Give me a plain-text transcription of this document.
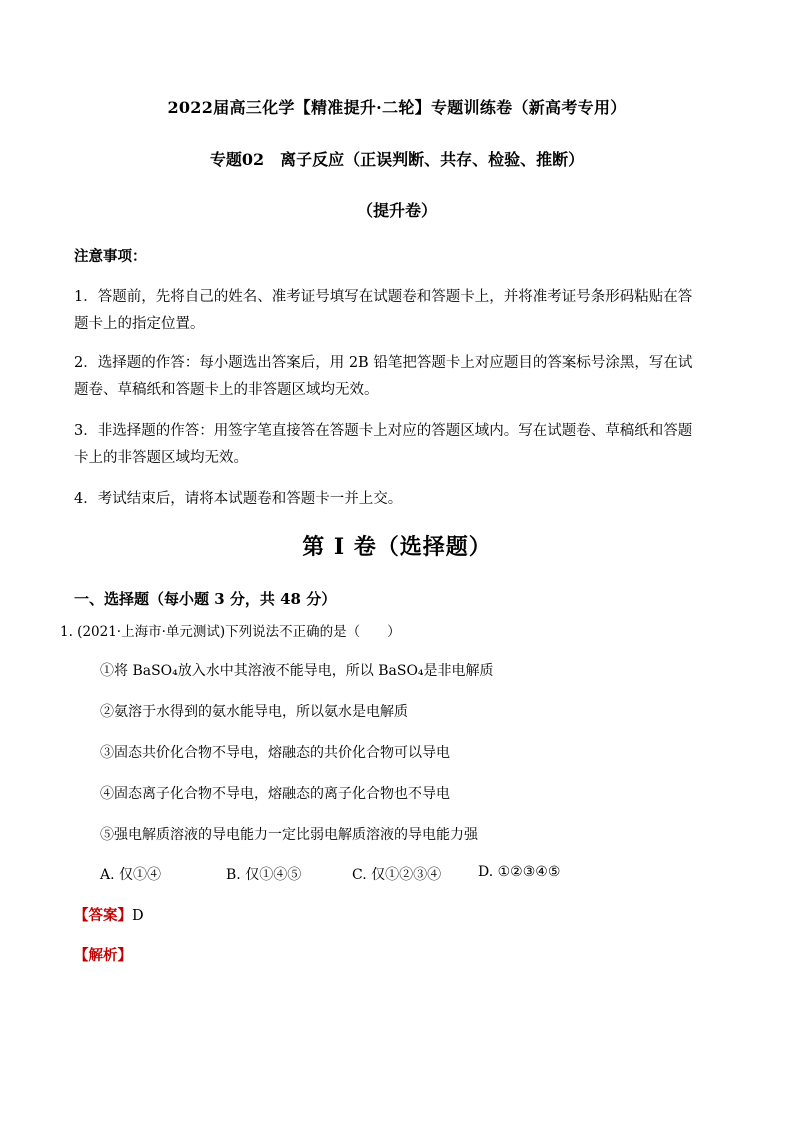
2022届高三化学【精准提升·二轮】专题训练卷（新高考专用）
专题02　离子反应（正误判断、共存、检验、推断）
（提升卷）
注意事项：
1．答题前，先将自己的姓名、准考证号填写在试题卷和答题卡上，并将准考证号条形码粘贴在答
题卡上的指定位置。
2．选择题的作答：每小题选出答案后，用 2B 铅笔把答题卡上对应题目的答案标号涂黑，写在试
题卷、草稿纸和答题卡上的非答题区域均无效。
3．非选择题的作答：用签字笔直接答在答题卡上对应的答题区域内。写在试题卷、草稿纸和答题
卡上的非答题区域均无效。
4．考试结束后，请将本试题卷和答题卡一并上交。
第 I 卷（选择题）
一、选择题（每小题 3 分，共 48 分）
1. (2021·上海市·单元测试)下列说法不正确的是（　　）
①将 BaSO₄放入水中其溶液不能导电，所以 BaSO₄是非电解质
②氨溶于水得到的氨水能导电，所以氨水是电解质
③固态共价化合物不导电，熔融态的共价化合物可以导电
④固态离子化合物不导电，熔融态的离子化合物也不导电
⑤强电解质溶液的导电能力一定比弱电解质溶液的导电能力强
A. 仅①④	B. 仅①④⑤	C. 仅①②③④	D. ①②③④⑤
【答案】D
【解析】
